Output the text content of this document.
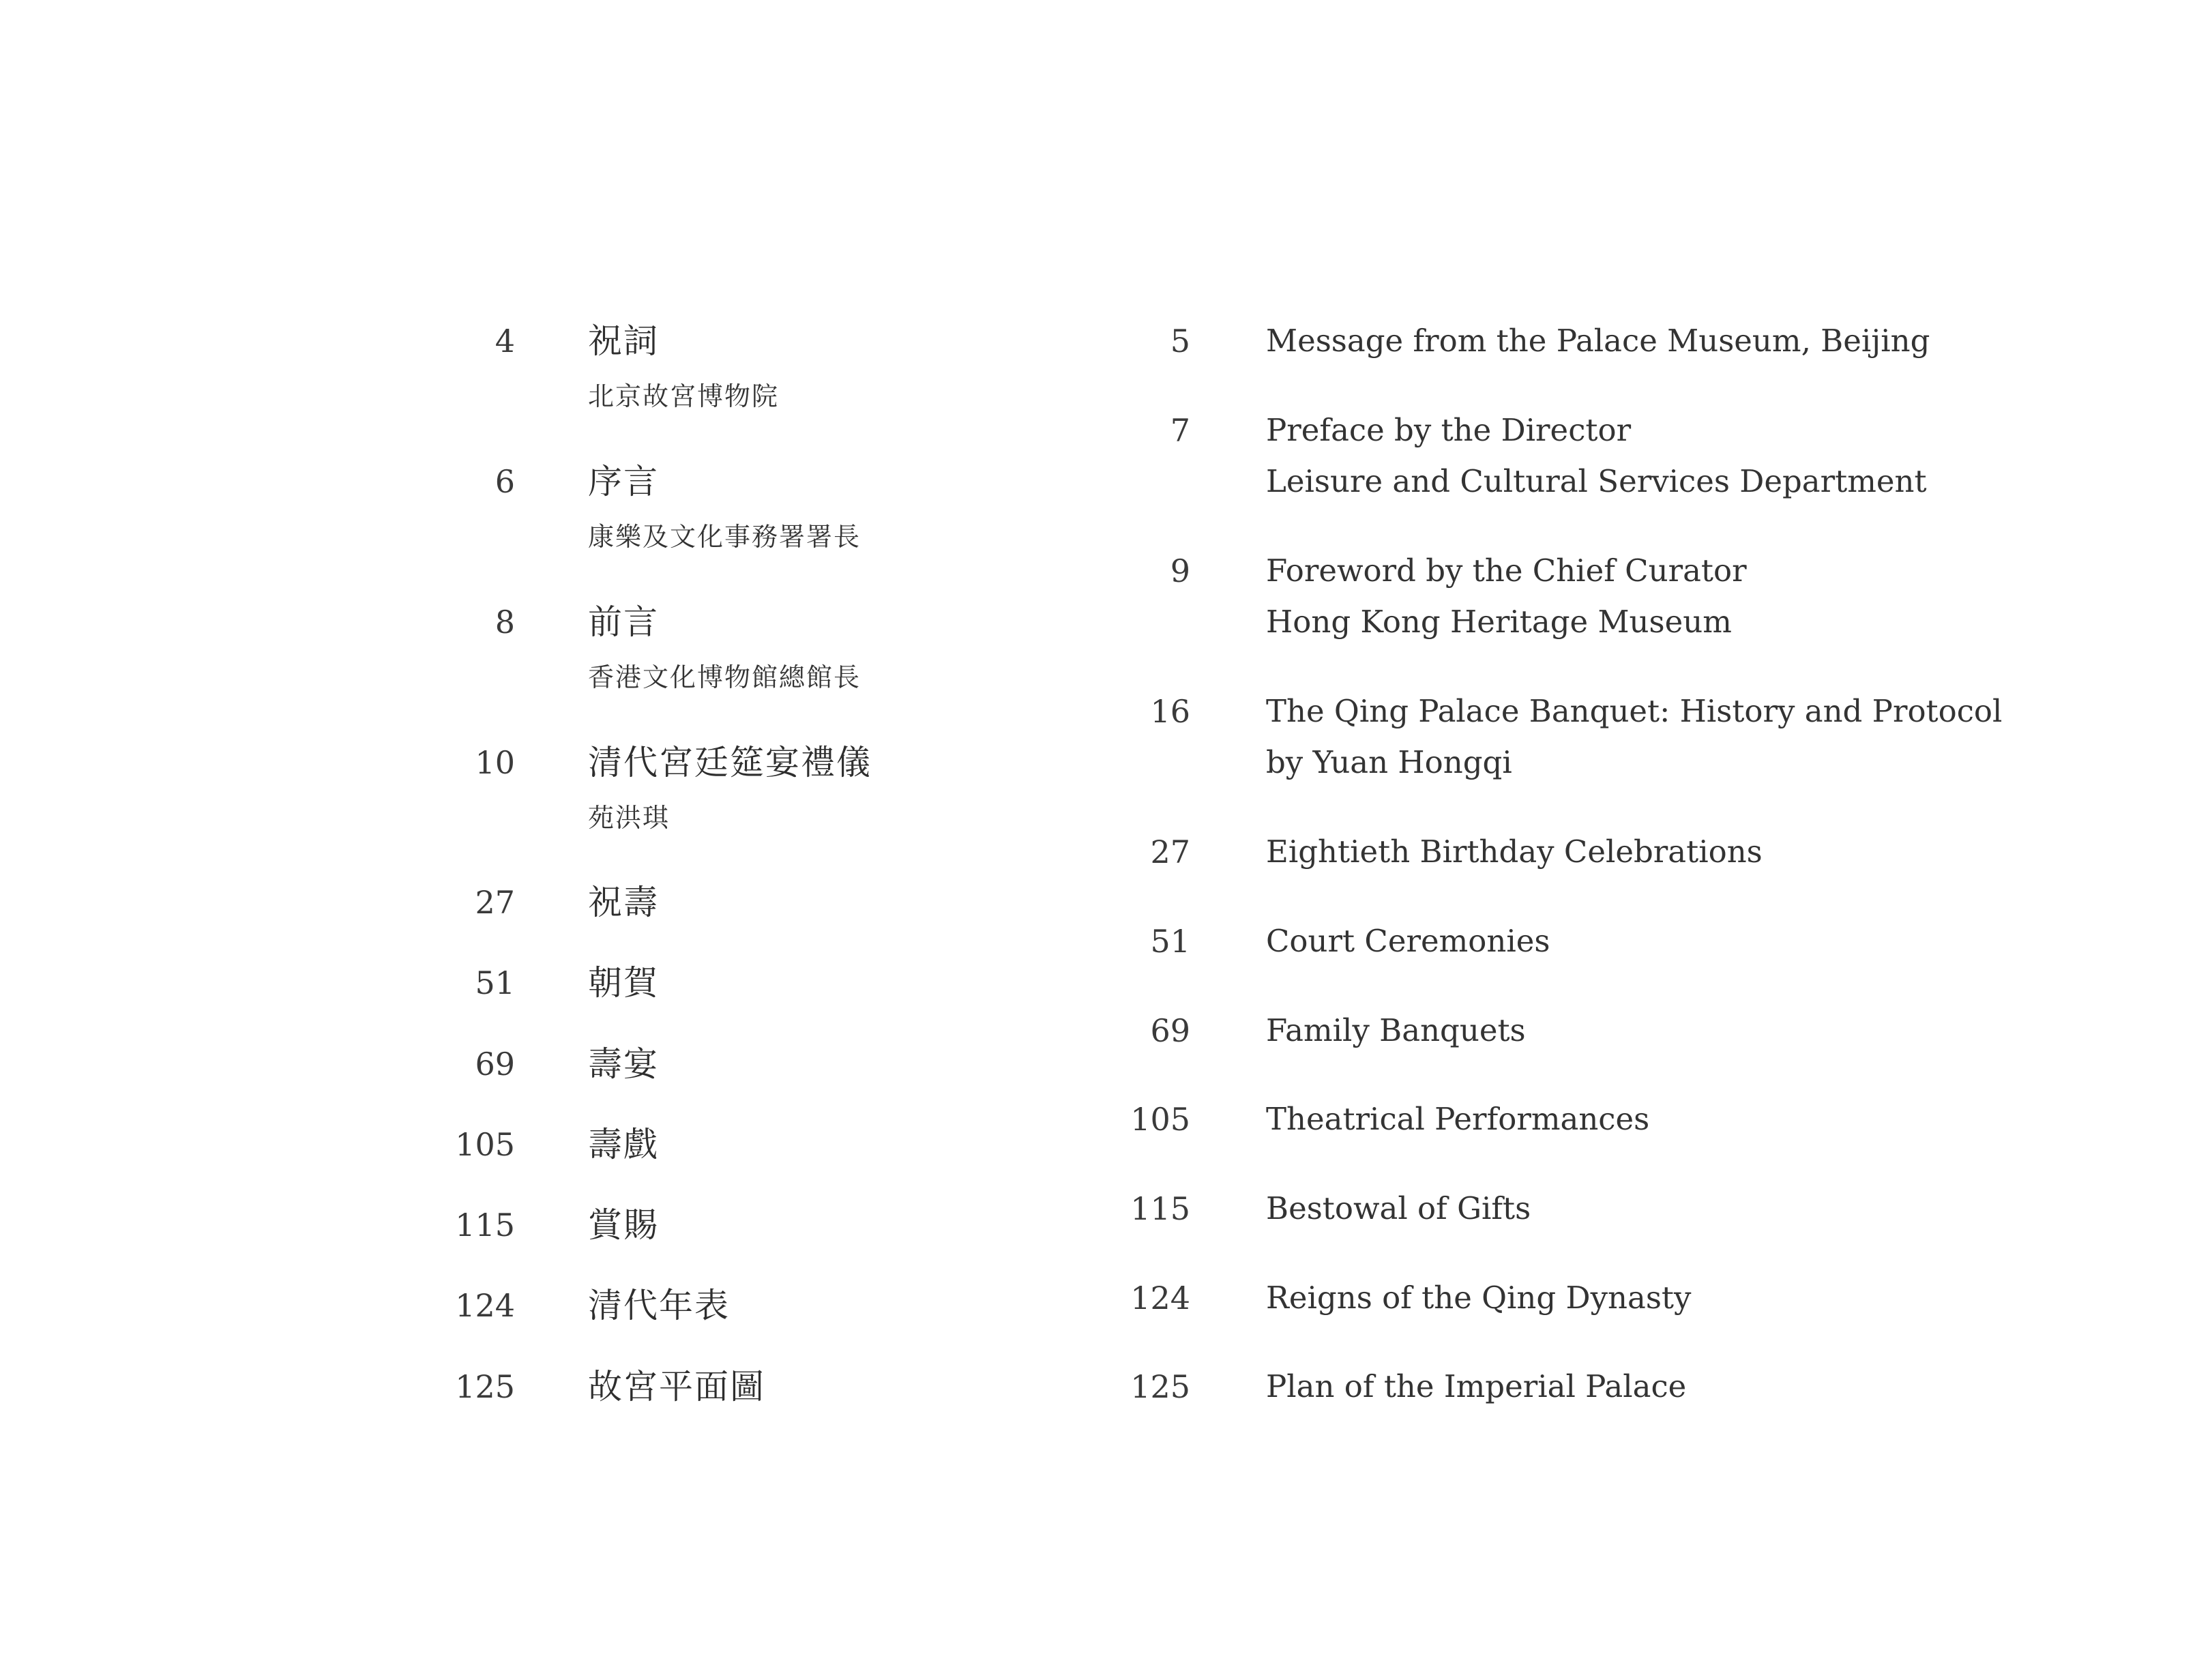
4 祝詞
北京故宮博物院
6 序言
康樂及文化事務署署長
8 前言
香港文化博物館總館長
10 清代宮廷筵宴禮儀
苑洪琪
27 祝壽
51 朝賀
69 壽宴
105 壽戲
115 賞賜
124 清代年表
125 故宮平面圖
5 Message from the Palace Museum, Beijing
7 Preface by the Director
Leisure and Cultural Services Department
9 Foreword by the Chief Curator
Hong Kong Heritage Museum
16 The Qing Palace Banquet: History and Protocol
by Yuan Hongqi
27 Eightieth Birthday Celebrations
51 Court Ceremonies
69 Family Banquets
105 Theatrical Performances
115 Bestowal of Gifts
124 Reigns of the Qing Dynasty
125 Plan of the Imperial Palace
